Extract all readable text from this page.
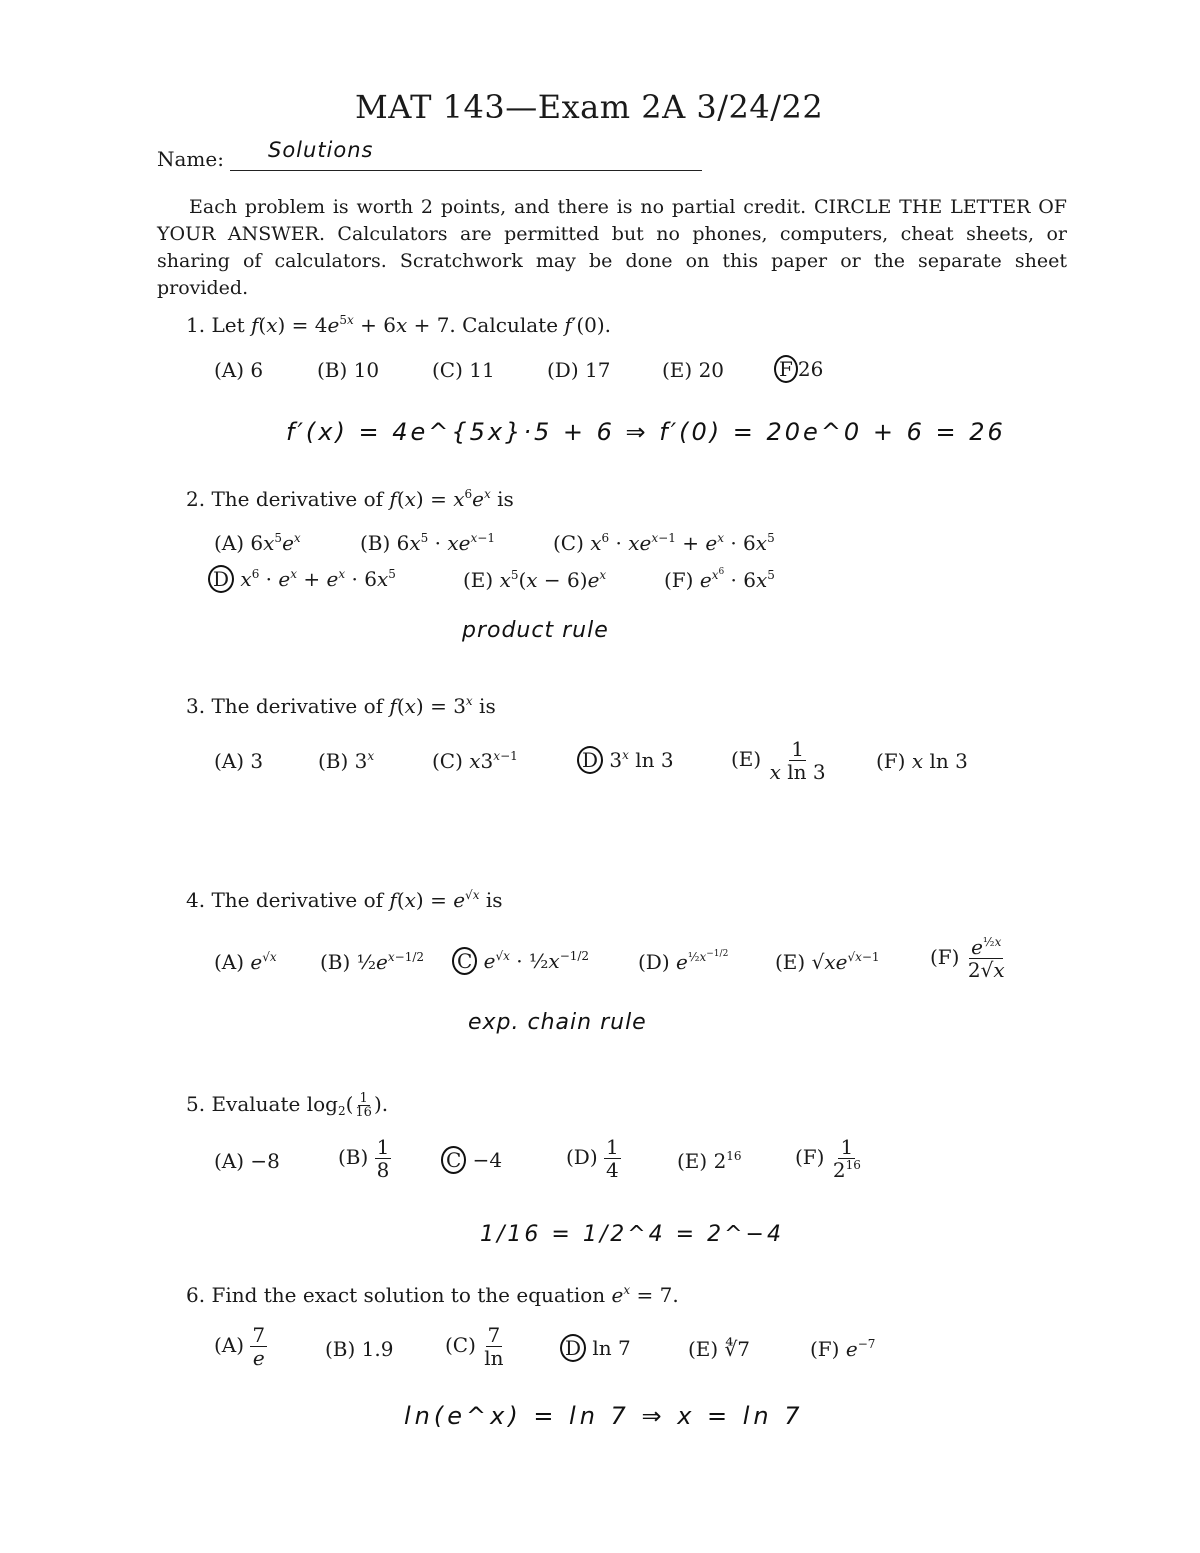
MAT 143—Exam 2A 3/24/22
Name: Solutions
Each problem is worth 2 points, and there is no partial credit. CIRCLE THE LETTER OF YOUR ANSWER. Calculators are permitted but no phones, computers, cheat sheets, or sharing of calculators. Scratchwork may be done on this paper or the separate sheet provided.
1. Let $f(x) = 4e^{5x} + 6x + 7$. Calculate f′(0).
(A) 6	(B) 10	(C) 11	(D) 17	(E) 20	F 26
f′(x) = 4e^{5x}·5 + 6 ⇒ f′(0) = 20e^0 + 6 = 26
2. The derivative of $f(x) = x^6e^x$ is
(A) $6x^5e^x$	(B) $6x^5 \cdot xe^{x-1}$	(C) $x^6 \cdot xe^{x-1} + e^x \cdot 6x^5$
D $x^6 \cdot e^x + e^x \cdot 6x^5$	(E) $x^5(x - 6)e^x$	(F) $e^{x^6} \cdot 6x^5$
product rule
3. The derivative of $f(x) = 3^x$ is
(A) 3	(B) 3$^x$	(C) $x3^{x-1}$	D 3$^x$ ln 3	$(E) \frac{1}{\text{x ln 3}} (F)$ x ln 3
4. The derivative of $f(x) = e^{√x}$ is
(A) $e^{√x}$ (B) $\frac{1}{2}e^{x-1/2}$ C $e^{√x}$ · $\frac{1}{2}x^{-1/2}$ (D) $e^{\frac{1}{2}x^{-1/2}}$ (E) $√xe^{√x-1}$	$(F) \frac{e^{\frac{1}{2}x}}{2√x}$
exp. chain rule
5. Evaluate $\log_2( \frac{1}{16}$ ).
(A) −8	$(B) \frac{1}{8}$	C −4	$(D) \frac{1}{4}$	(E) $2^{16}$	$(F) \frac{1}{2^{16}}$
1/16 = 1/2^4 = 2^−4
6. Find the exact solution to the equation $e^x = 7$.
$(A) \frac{7}{e}$	(B) 1.9	$(C) \frac{7}{\ln}$	D ln 7	(E) ∜7	(F) $e^{-7}$
ln(e^x) = ln 7 ⇒ x = ln 7
